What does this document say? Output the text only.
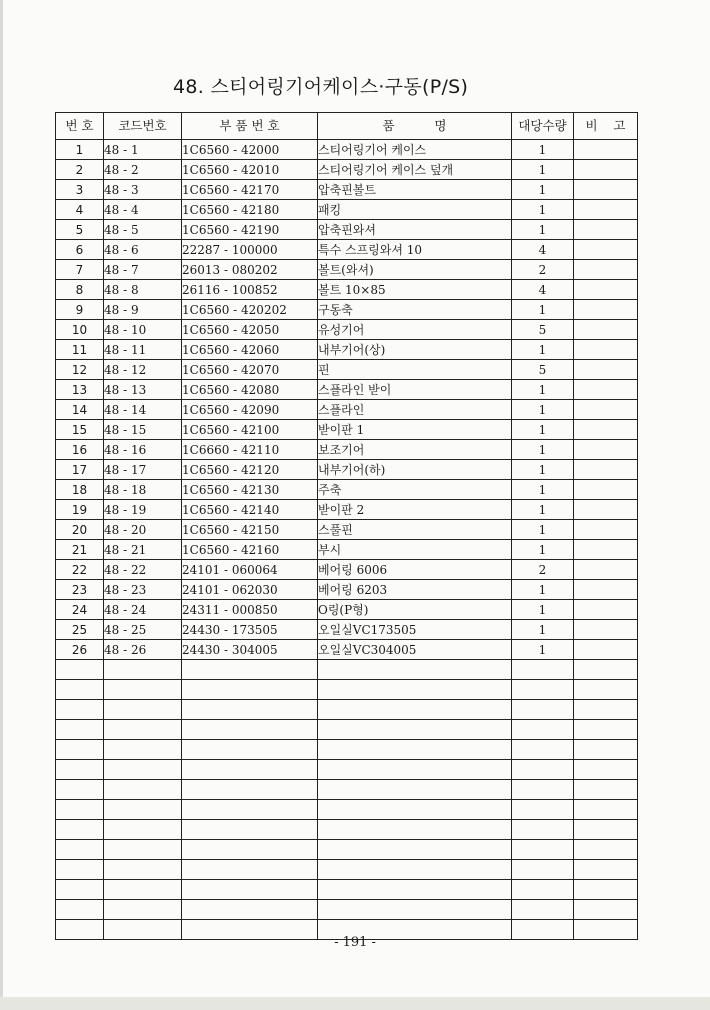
48. 스티어링기어케이스·구동(P/S)
번 호	코드번호	부 품 번 호	품          명	대당수량	비    고
1	48 - 1	1C6560 - 42000	스티어링기어 케이스	1	
2	48 - 2	1C6560 - 42010	스티어링기어 케이스 덮개	1	
3	48 - 3	1C6560 - 42170	압축핀볼트	1	
4	48 - 4	1C6560 - 42180	패킹	1	
5	48 - 5	1C6560 - 42190	압축핀와셔	1	
6	48 - 6	22287 - 100000	특수 스프링와셔 10	4	
7	48 - 7	26013 - 080202	볼트(와셔)	2	
8	48 - 8	26116 - 100852	볼트 10×85	4	
9	48 - 9	1C6560 - 420202	구동축	1	
10	48 - 10	1C6560 - 42050	유성기어	5	
11	48 - 11	1C6560 - 42060	내부기어(상)	1	
12	48 - 12	1C6560 - 42070	핀	5	
13	48 - 13	1C6560 - 42080	스플라인 받이	1	
14	48 - 14	1C6560 - 42090	스플라인	1	
15	48 - 15	1C6560 - 42100	받이판 1	1	
16	48 - 16	1C6660 - 42110	보조기어	1	
17	48 - 17	1C6560 - 42120	내부기어(하)	1	
18	48 - 18	1C6560 - 42130	주축	1	
19	48 - 19	1C6560 - 42140	받이판 2	1	
20	48 - 20	1C6560 - 42150	스풀핀	1	
21	48 - 21	1C6560 - 42160	부시	1	
22	48 - 22	24101 - 060064	베어링 6006	2	
23	48 - 23	24101 - 062030	베어링 6203	1	
24	48 - 24	24311 - 000850	O링(P형)	1	
25	48 - 25	24430 - 173505	오일실VC173505	1	
26	48 - 26	24430 - 304005	오일실VC304005	1	

- 191 -
